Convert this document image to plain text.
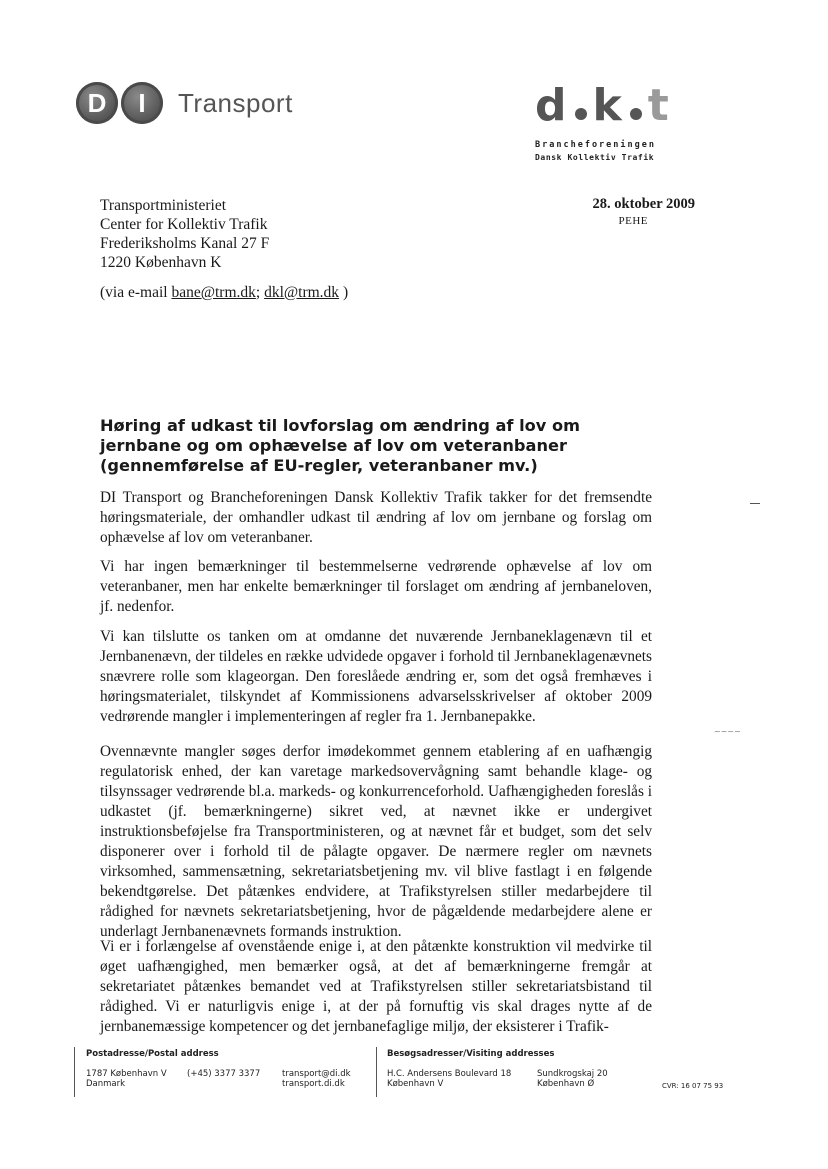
D I Transport	d k t
Brancheforeningen
Dansk Kollektiv Trafik
Transportministeriet
Center for Kollektiv Trafik
Frederiksholms Kanal 27 F
1220 København K
28. oktober 2009
PEHE
(via e-mail bane@trm.dk; dkl@trm.dk )
Høring af udkast til lovforslag om ændring af lov om jernbane og om ophævelse af lov om veteranbaner (gennemførelse af EU-regler, veteranbaner mv.)
DI Transport og Brancheforeningen Dansk Kollektiv Trafik takker for det fremsendte høringsmateriale, der omhandler udkast til ændring af lov om jernbane og forslag om ophævelse af lov om veteranbaner.
Vi har ingen bemærkninger til bestemmelserne vedrørende ophævelse af lov om veteranbaner, men har enkelte bemærkninger til forslaget om ændring af jernbaneloven, jf. nedenfor.
Vi kan tilslutte os tanken om at omdanne det nuværende Jernbaneklagenævn til et Jernbanenævn, der tildeles en række udvidede opgaver i forhold til Jernbaneklagenævnets snævrere rolle som klageorgan. Den foreslåede ændring er, som det også fremhæves i høringsmaterialet, tilskyndet af Kommissionens advarselsskrivelser af oktober 2009 vedrørende mangler i implementeringen af regler fra 1. Jernbanepakke.
Ovennævnte mangler søges derfor imødekommet gennem etablering af en uafhængig regulatorisk enhed, der kan varetage markedsovervågning samt behandle klage- og tilsynssager vedrørende bl.a. markeds- og konkurrenceforhold. Uafhængigheden foreslås i udkastet (jf. bemærkningerne) sikret ved, at nævnet ikke er undergivet instruktionsbeføjelse fra Transportministeren, og at nævnet får et budget, som det selv disponerer over i forhold til de pålagte opgaver. De nærmere regler om nævnets virksomhed, sammensætning, sekretariatsbetjening mv. vil blive fastlagt i en følgende bekendtgørelse. Det påtænkes endvidere, at Trafikstyrelsen stiller medarbejdere til rådighed for nævnets sekretariatsbetjening, hvor de pågældende medarbejdere alene er underlagt Jernbanenævnets formands instruktion.
Vi er i forlængelse af ovenstående enige i, at den påtænkte konstruktion vil medvirke til øget uafhængighed, men bemærker også, at det af bemærkningerne fremgår at sekretariatet påtænkes bemandet ved at Trafikstyrelsen stiller sekretariatsbistand til rådighed. Vi er naturligvis enige i, at der på fornuftig vis skal drages nytte af de jernbanemæssige kompetencer og det jernbanefaglige miljø, der eksisterer i Trafik-
~~~~
Postadresse/Postal address
1787 København V
Danmark
(+45) 3377 3377	transport@di.dk
transport.di.dk
Besøgsadresser/Visiting addresses
H.C. Andersens Boulevard 18
København V
Sundkrogskaj 20
København Ø	CVR: 16 07 75 93
